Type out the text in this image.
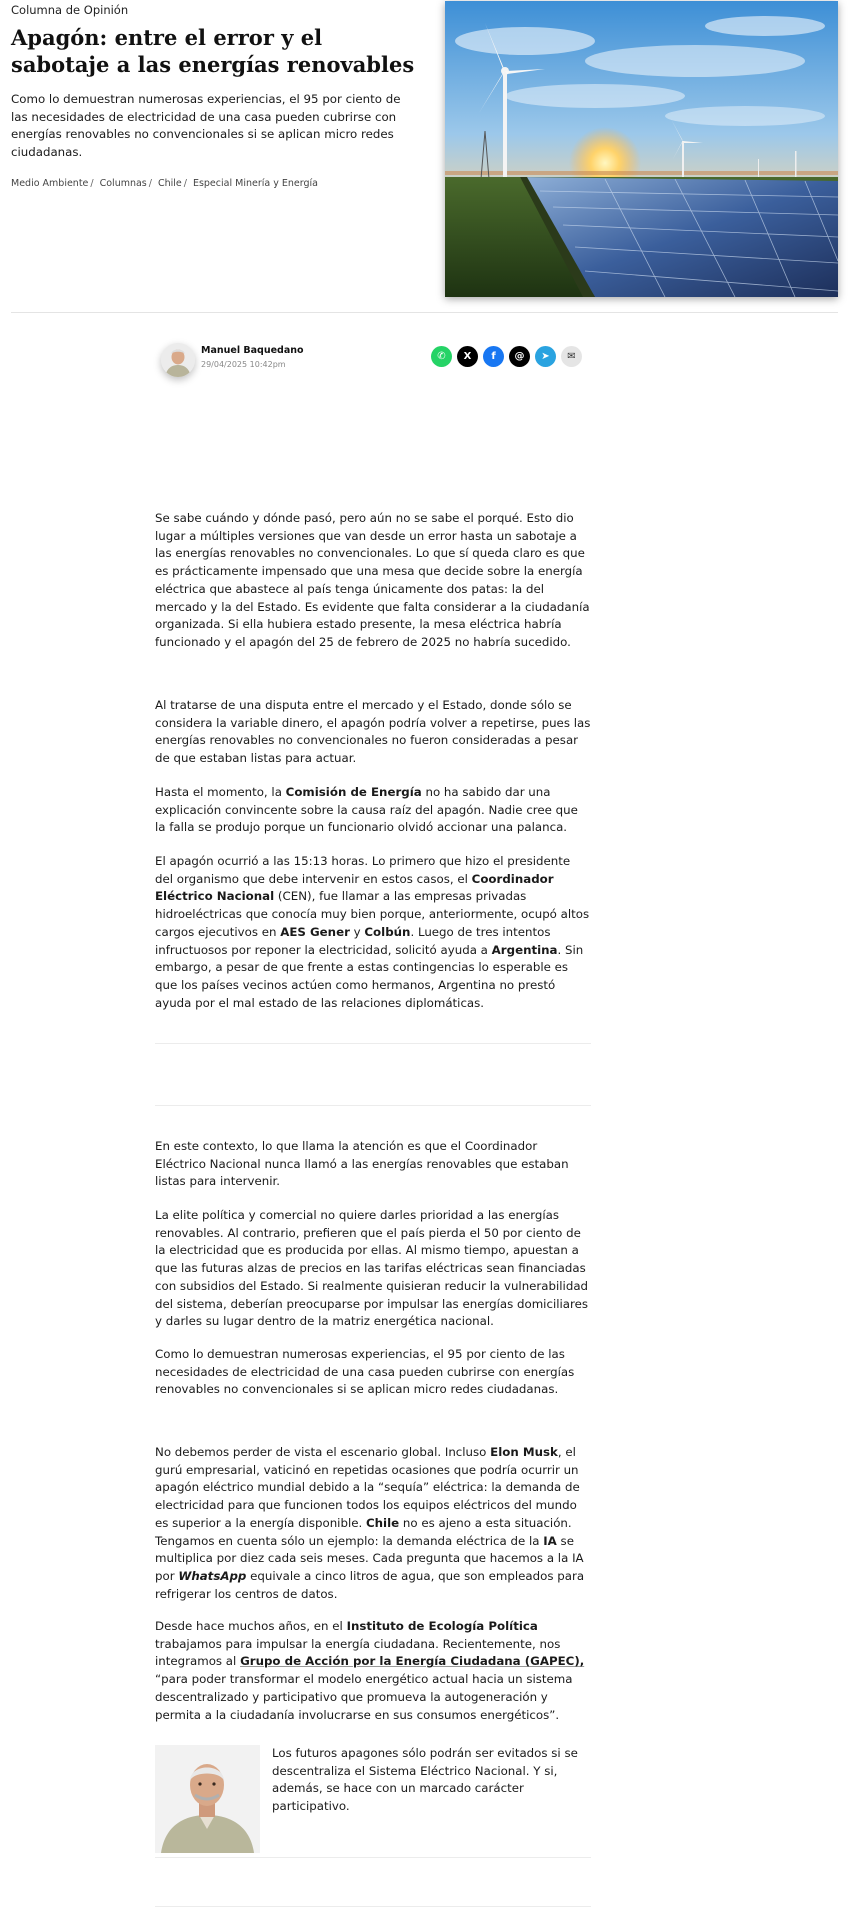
Columna de Opinión
Apagón: entre el error y el sabotaje a las energías renovables

Como lo demuestran numerosas experiencias, el 95 por ciento de las necesidades de electricidad de una casa pueden cubrirse con energías renovables no convencionales si se aplican micro redes ciudadanas.

Medio Ambiente / Columnas / Chile / Especial Minería y Energía
Manuel Baquedano
29/04/2025 10:42pm
✆	X	f	@	➤	✉

Se sabe cuándo y dónde pasó, pero aún no se sabe el porqué. Esto dio lugar a múltiples versiones que van desde un error hasta un sabotaje a las energías renovables no convencionales. Lo que sí queda claro es que es prácticamente impensado que una mesa que decide sobre la energía eléctrica que abastece al país tenga únicamente dos patas: la del mercado y la del Estado. Es evidente que falta considerar a la ciudadanía organizada. Si ella hubiera estado presente, la mesa eléctrica habría funcionado y el apagón del 25 de febrero de 2025 no habría sucedido.

Al tratarse de una disputa entre el mercado y el Estado, donde sólo se considera la variable dinero, el apagón podría volver a repetirse, pues las energías renovables no convencionales no fueron consideradas a pesar de que estaban listas para actuar.

Hasta el momento, la Comisión de Energía no ha sabido dar una explicación convincente sobre la causa raíz del apagón. Nadie cree que la falla se produjo porque un funcionario olvidó accionar una palanca.

El apagón ocurrió a las 15:13 horas. Lo primero que hizo el presidente del organismo que debe intervenir en estos casos, el Coordinador Eléctrico Nacional (CEN), fue llamar a las empresas privadas hidroeléctricas que conocía muy bien porque, anteriormente, ocupó altos cargos ejecutivos en AES Gener y Colbún. Luego de tres intentos infructuosos por reponer la electricidad, solicitó ayuda a Argentina. Sin embargo, a pesar de que frente a estas contingencias lo esperable es que los países vecinos actúen como hermanos, Argentina no prestó ayuda por el mal estado de las relaciones diplomáticas.

En este contexto, lo que llama la atención es que el Coordinador Eléctrico Nacional nunca llamó a las energías renovables que estaban listas para intervenir.

La elite política y comercial no quiere darles prioridad a las energías renovables. Al contrario, prefieren que el país pierda el 50 por ciento de la electricidad que es producida por ellas. Al mismo tiempo, apuestan a que las futuras alzas de precios en las tarifas eléctricas sean financiadas con subsidios del Estado. Si realmente quisieran reducir la vulnerabilidad del sistema, deberían preocuparse por impulsar las energías domiciliares y darles su lugar dentro de la matriz energética nacional.

Como lo demuestran numerosas experiencias, el 95 por ciento de las necesidades de electricidad de una casa pueden cubrirse con energías renovables no convencionales si se aplican micro redes ciudadanas.

No debemos perder de vista el escenario global. Incluso Elon Musk, el gurú empresarial, vaticinó en repetidas ocasiones que podría ocurrir un apagón eléctrico mundial debido a la “sequía” eléctrica: la demanda de electricidad para que funcionen todos los equipos eléctricos del mundo es superior a la energía disponible. Chile no es ajeno a esta situación. Tengamos en cuenta sólo un ejemplo: la demanda eléctrica de la IA se multiplica por diez cada seis meses. Cada pregunta que hacemos a la IA por WhatsApp equivale a cinco litros de agua, que son empleados para refrigerar los centros de datos.

Desde hace muchos años, en el Instituto de Ecología Política trabajamos para impulsar la energía ciudadana. Recientemente, nos integramos al Grupo de Acción por la Energía Ciudadana (GAPEC), “para poder transformar el modelo energético actual hacia un sistema descentralizado y participativo que promueva la autogeneración y permita a la ciudadanía involucrarse en sus consumos energéticos”.

Los futuros apagones sólo podrán ser evitados si se descentraliza el Sistema Eléctrico Nacional. Y si, además, se hace con un marcado carácter participativo.
